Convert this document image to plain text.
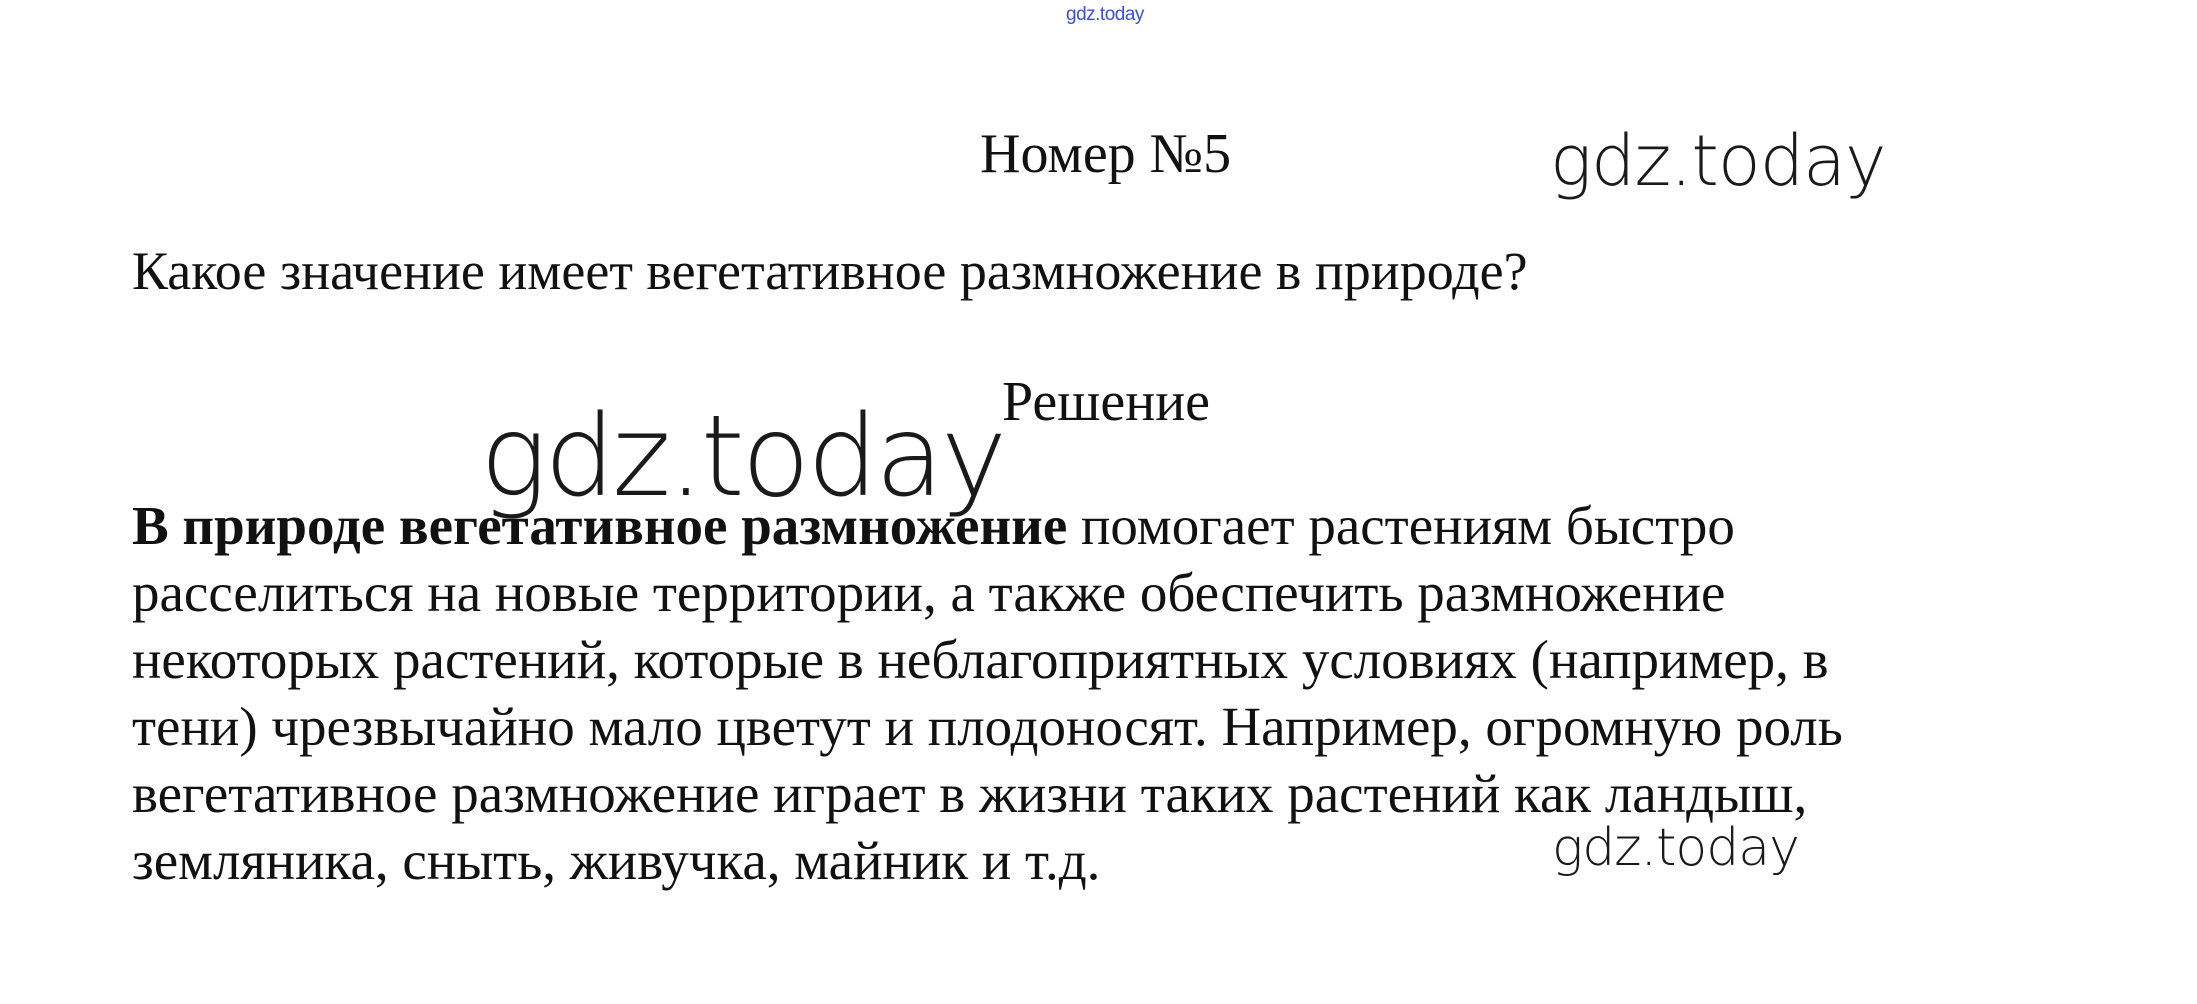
gdz.today
Номер №5	gdz.today
Какое значение имеет вегетативное размножение в природе?
Решение
gdz.today
В природе вегетативное размножение помогает растениям быстро
расселиться на новые территории, а также обеспечить размножение
некоторых растений, которые в неблагоприятных условиях (например, в
тени) чрезвычайно мало цветут и плодоносят. Например, огромную роль
вегетативное размножение играет в жизни таких растений как ландыш,
земляника, сныть, живучка, майник и т.д.	gdz.today
